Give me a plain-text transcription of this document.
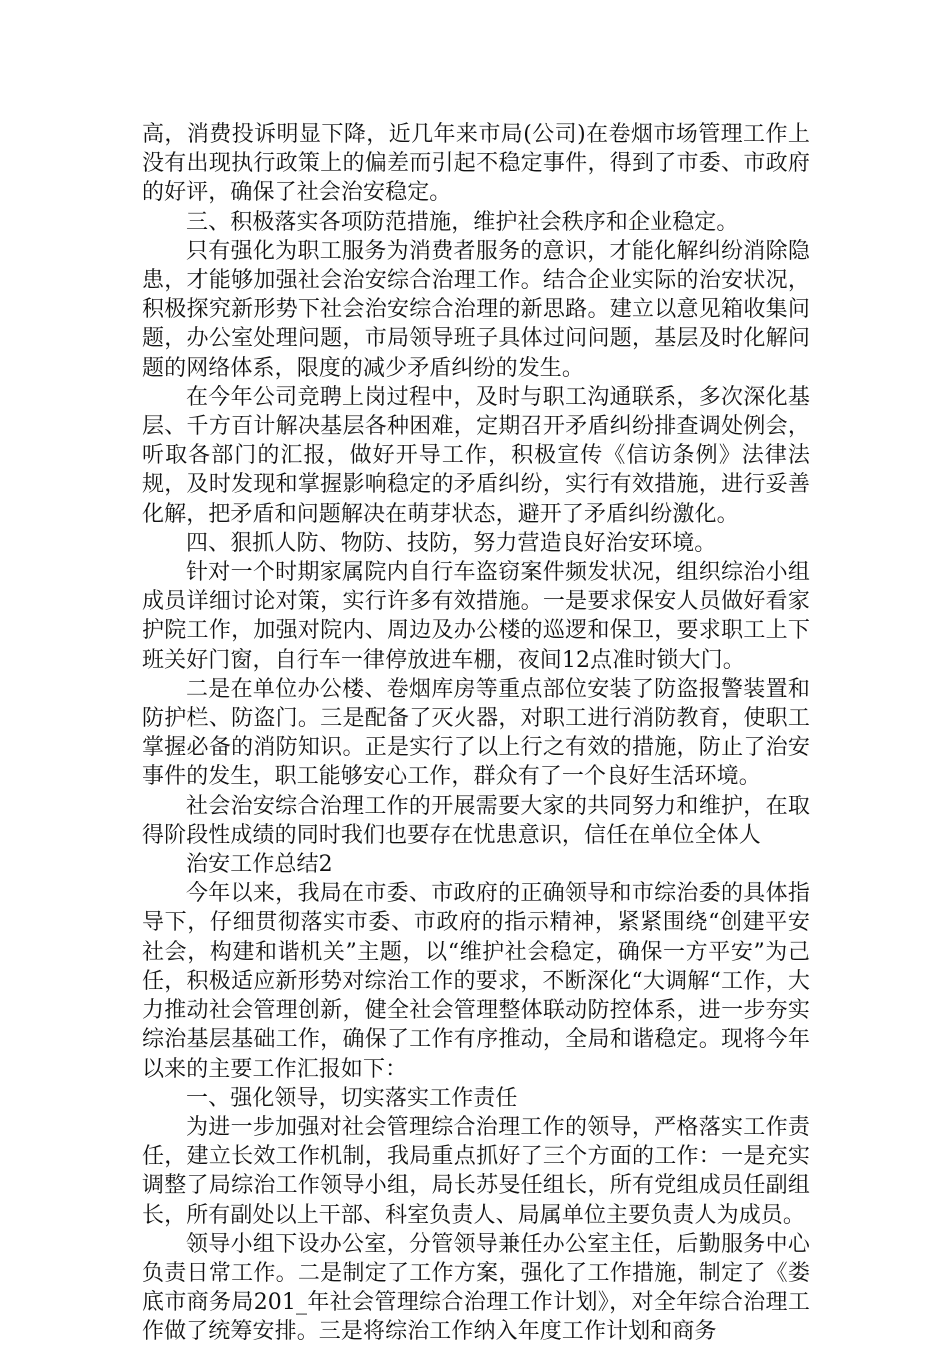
高，消费投诉明显下降，近几年来市局(公司)在卷烟市场管理工作上没有出现执行政策上的偏差而引起不稳定事件，得到了市委、市政府的好评，确保了社会治安稳定。

三、积极落实各项防范措施，维护社会秩序和企业稳定。

只有强化为职工服务为消费者服务的意识，才能化解纠纷消除隐患，才能够加强社会治安综合治理工作。结合企业实际的治安状况，积极探究新形势下社会治安综合治理的新思路。建立以意见箱收集问题，办公室处理问题，市局领导班子具体过问问题，基层及时化解问题的网络体系，限度的减少矛盾纠纷的发生。

在今年公司竞聘上岗过程中，及时与职工沟通联系，多次深化基层、千方百计解决基层各种困难，定期召开矛盾纠纷排查调处例会，听取各部门的汇报，做好开导工作，积极宣传《信访条例》法律法规，及时发现和掌握影响稳定的矛盾纠纷，实行有效措施，进行妥善化解，把矛盾和问题解决在萌芽状态，避开了矛盾纠纷激化。

四、狠抓人防、物防、技防，努力营造良好治安环境。

针对一个时期家属院内自行车盗窃案件频发状况，组织综治小组成员详细讨论对策，实行许多有效措施。一是要求保安人员做好看家护院工作，加强对院内、周边及办公楼的巡逻和保卫，要求职工上下班关好门窗，自行车一律停放进车棚，夜间12点准时锁大门。

二是在单位办公楼、卷烟库房等重点部位安装了防盗报警装置和防护栏、防盗门。三是配备了灭火器，对职工进行消防教育，使职工掌握必备的消防知识。正是实行了以上行之有效的措施，防止了治安事件的发生，职工能够安心工作，群众有了一个良好生活环境。

社会治安综合治理工作的开展需要大家的共同努力和维护，在取得阶段性成绩的同时我们也要存在忧患意识，信任在单位全体人

治安工作总结2

今年以来，我局在市委、市政府的正确领导和市综治委的具体指导下，仔细贯彻落实市委、市政府的指示精神，紧紧围绕“创建平安社会，构建和谐机关”主题，以“维护社会稳定，确保一方平安”为己任，积极适应新形势对综治工作的要求，不断深化“大调解“工作，大力推动社会管理创新，健全社会管理整体联动防控体系，进一步夯实综治基层基础工作，确保了工作有序推动，全局和谐稳定。现将今年以来的主要工作汇报如下：

一、强化领导，切实落实工作责任

为进一步加强对社会管理综合治理工作的领导，严格落实工作责任，建立长效工作机制，我局重点抓好了三个方面的工作：一是充实调整了局综治工作领导小组，局长苏旻任组长，所有党组成员任副组长，所有副处以上干部、科室负责人、局属单位主要负责人为成员。

领导小组下设办公室，分管领导兼任办公室主任，后勤服务中心负责日常工作。二是制定了工作方案，强化了工作措施，制定了《娄底市商务局201_年社会管理综合治理工作计划》，对全年综合治理工作做了统筹安排。三是将综治工作纳入年度工作计划和商务
